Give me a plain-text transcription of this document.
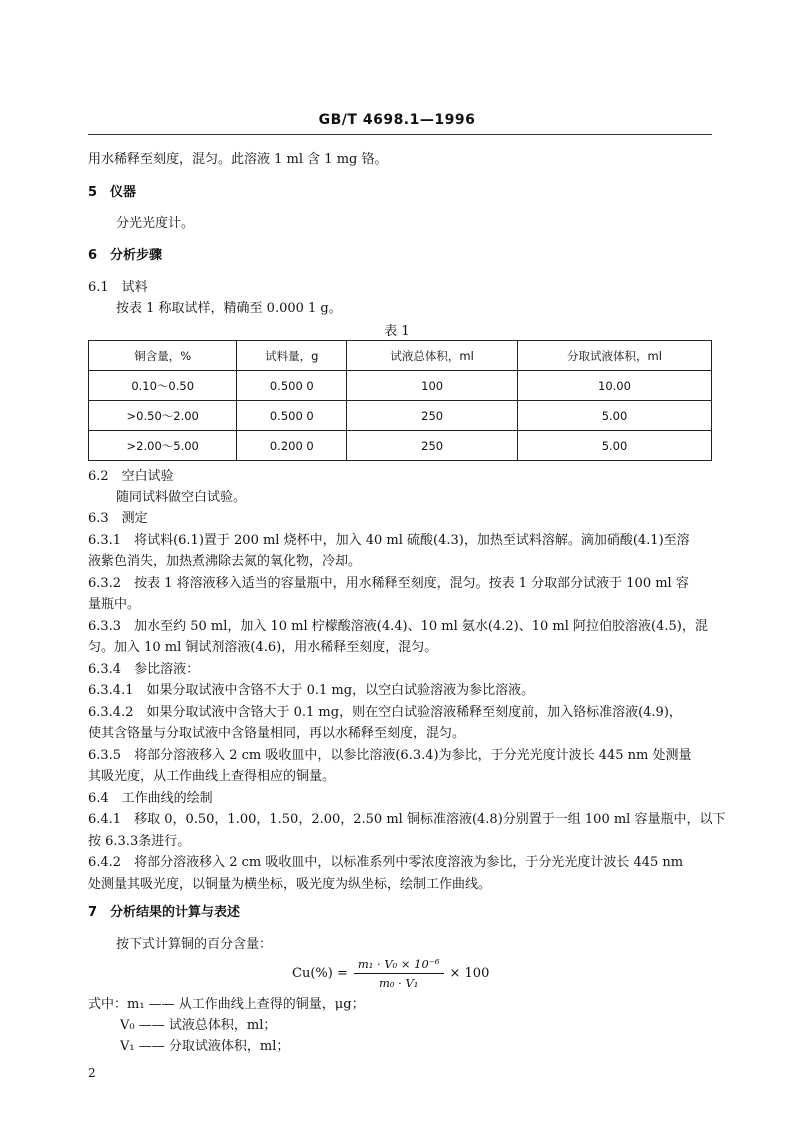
GB/T 4698.1—1996
用水稀释至刻度，混匀。此溶液 1 ml 含 1 mg 铬。
5　仪器
分光光度计。
6　分析步骤
6.1　试料
按表 1 称取试样，精确至 0.000 1 g。
表 1
铜含量，%	试料量，g	试液总体积，ml	分取试液体积，ml
0.10～0.50	0.500 0	100	10.00
>0.50～2.00	0.500 0	250	5.00
>2.00～5.00	0.200 0	250	5.00
6.2　空白试验
随同试料做空白试验。
6.3　测定
6.3.1　将试料(6.1)置于 200 ml 烧杯中，加入 40 ml 硫酸(4.3)，加热至试料溶解。滴加硝酸(4.1)至溶
液紫色消失，加热煮沸除去氮的氧化物，冷却。
6.3.2　按表 1 将溶液移入适当的容量瓶中，用水稀释至刻度，混匀。按表 1 分取部分试液于 100 ml 容
量瓶中。
6.3.3　加水至约 50 ml，加入 10 ml 柠檬酸溶液(4.4)、10 ml 氨水(4.2)、10 ml 阿拉伯胶溶液(4.5)，混
匀。加入 10 ml 铜试剂溶液(4.6)，用水稀释至刻度，混匀。
6.3.4　参比溶液：
6.3.4.1　如果分取试液中含铬不大于 0.1 mg，以空白试验溶液为参比溶液。
6.3.4.2　如果分取试液中含铬大于 0.1 mg，则在空白试验溶液稀释至刻度前，加入铬标准溶液(4.9)，
使其含铬量与分取试液中含铬量相同，再以水稀释至刻度，混匀。
6.3.5　将部分溶液移入 2 cm 吸收皿中，以参比溶液(6.3.4)为参比，于分光光度计波长 445 nm 处测量
其吸光度，从工作曲线上查得相应的铜量。
6.4　工作曲线的绘制
6.4.1　移取 0，0.50，1.00，1.50，2.00，2.50 ml 铜标准溶液(4.8)分别置于一组 100 ml 容量瓶中，以下
按 6.3.3条进行。
6.4.2　将部分溶液移入 2 cm 吸收皿中，以标准系列中零浓度溶液为参比，于分光光度计波长 445 nm
处测量其吸光度，以铜量为横坐标，吸光度为纵坐标，绘制工作曲线。
7　分析结果的计算与表述
按下式计算铜的百分含量：
$Cu(\%) = \frac{\text{m₁ · V₀ × 10⁻⁶}}{\text{m₀ · V₁}} \times 100$
式中：m₁ —— 从工作曲线上查得的铜量，μg；
V₀ —— 试液总体积，ml；
V₁ —— 分取试液体积，ml；
2
